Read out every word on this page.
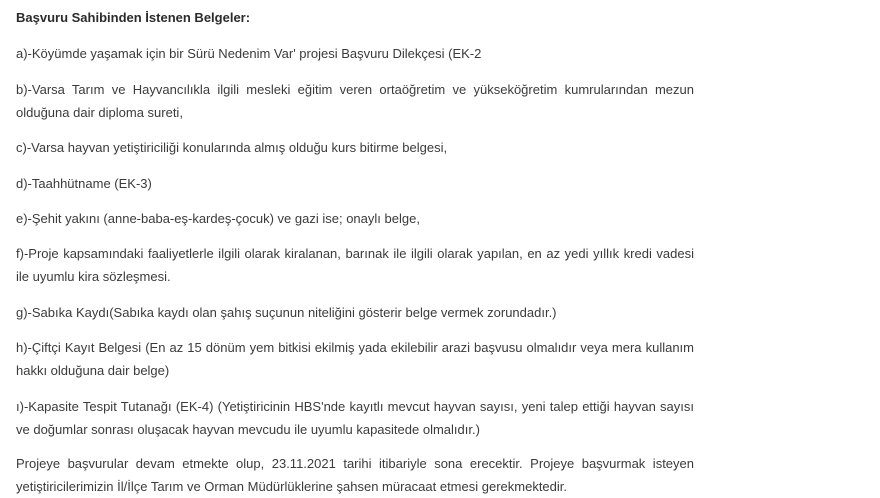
Başvuru Sahibinden İstenen Belgeler:

a)-Köyümde yaşamak için bir Sürü Nedenim Var' projesi Başvuru Dilekçesi (EK-2

b)-Varsa Tarım ve Hayvancılıkla ilgili mesleki eğitim veren ortaöğretim ve yükseköğretim kumrularından mezun olduğuna dair diploma sureti,

c)-Varsa hayvan yetiştiriciliği konularında almış olduğu kurs bitirme belgesi,

d)-Taahhütname (EK-3)

e)-Şehit yakını (anne-baba-eş-kardeş-çocuk) ve gazi ise; onaylı belge,

f)-Proje kapsamındaki faaliyetlerle ilgili olarak kiralanan, barınak ile ilgili olarak yapılan, en az yedi yıllık kredi vadesi ile uyumlu kira sözleşmesi.

g)-Sabıka Kaydı(Sabıka kaydı olan şahış suçunun niteliğini gösterir belge vermek zorundadır.)

h)-Çiftçi Kayıt Belgesi (En az 15 dönüm yem bitkisi ekilmiş yada ekilebilir arazi başvusu olmalıdır veya mera kullanım hakkı olduğuna dair belge)

ı)-Kapasite Tespit Tutanağı (EK-4) (Yetiştiricinin HBS'nde kayıtlı mevcut hayvan sayısı, yeni talep ettiği hayvan sayısı ve doğumlar sonrası oluşacak hayvan mevcudu ile uyumlu kapasitede olmalıdır.)

Projeye başvurular devam etmekte olup, 23.11.2021 tarihi itibariyle sona erecektir. Projeye başvurmak isteyen yetiştiricilerimizin İl/İlçe Tarım ve Orman Müdürlüklerine şahsen müracaat etmesi gerekmektedir.
